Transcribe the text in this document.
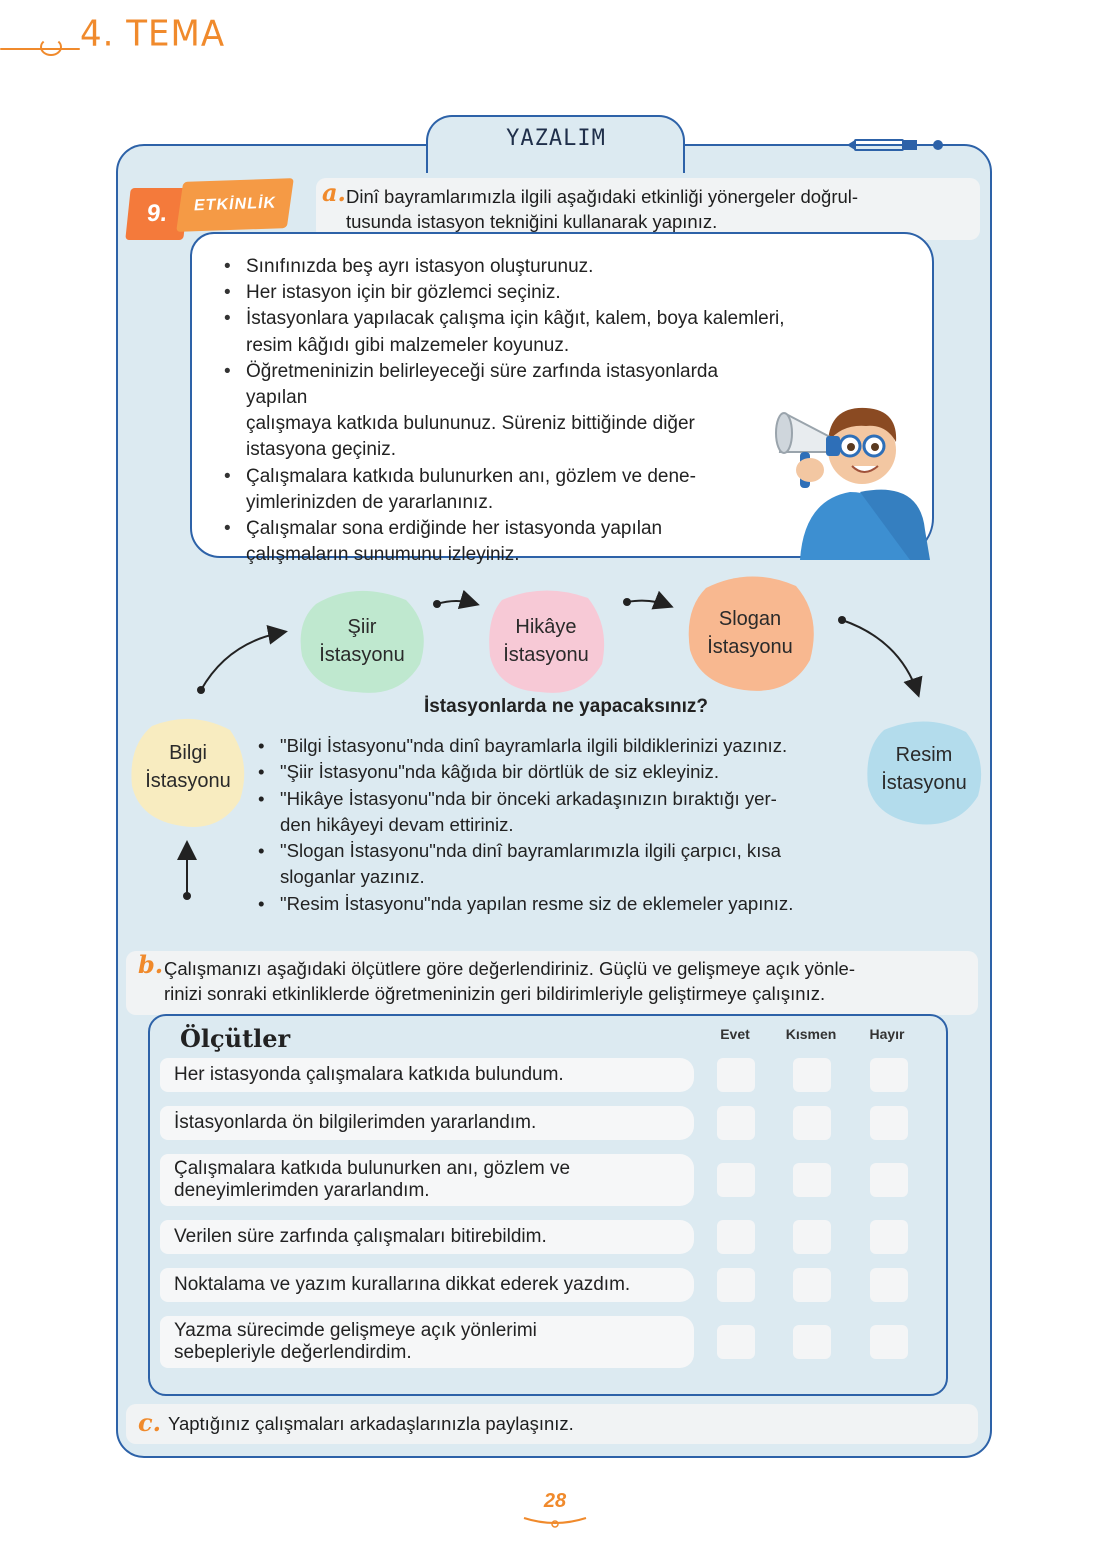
4. TEMA
YAZALIM
9.	ETKİNLİK	a. Dinî bayramlarımızla ilgili aşağıdaki etkinliği yönergeler doğrul-
tusunda istasyon tekniğini kullanarak yapınız.
• Sınıfınızda beş ayrı istasyon oluşturunuz.
• Her istasyon için bir gözlemci seçiniz.
• İstasyonlara yapılacak çalışma için kâğıt, kalem, boya kalemleri,
resim kâğıdı gibi malzemeler koyunuz.
• Öğretmeninizin belirleyeceği süre zarfında istasyonlarda yapılan
çalışmaya katkıda bulununuz. Süreniz bittiğinde diğer
istasyona geçiniz.
• Çalışmalara katkıda bulunurken anı, gözlem ve dene-
yimlerinizden de yararlanınız.
• Çalışmalar sona erdiğinde her istasyonda yapılan
çalışmaların sunumunu izleyiniz.
Şiir
İstasyonu
Hikâye
İstasyonu
Slogan
İstasyonu
Bilgi
İstasyonu
Resim
İstasyonu
İstasyonlarda ne yapacaksınız?
• "Bilgi İstasyonu"nda dinî bayramlarla ilgili bildiklerinizi yazınız.
• "Şiir İstasyonu"nda kâğıda bir dörtlük de siz ekleyiniz.
• "Hikâye İstasyonu"nda bir önceki arkadaşınızın bıraktığı yer-
den hikâyeyi devam ettiriniz.
• "Slogan İstasyonu"nda dinî bayramlarımızla ilgili çarpıcı, kısa
sloganlar yazınız.
• "Resim İstasyonu"nda yapılan resme siz de eklemeler yapınız.
b. Çalışmanızı aşağıdaki ölçütlere göre değerlendiriniz. Güçlü ve gelişmeye açık yönle-
rinizi sonraki etkinliklerde öğretmeninizin geri bildirimleriyle geliştirmeye çalışınız.
Ölçütler	Evet	Kısmen	Hayır
Her istasyonda çalışmalara katkıda bulundum.
İstasyonlarda ön bilgilerimden yararlandım.
Çalışmalara katkıda bulunurken anı, gözlem ve
deneyimlerimden yararlandım.
Verilen süre zarfında çalışmaları bitirebildim.
Noktalama ve yazım kurallarına dikkat ederek yazdım.
Yazma sürecimde gelişmeye açık yönlerimi
sebepleriyle değerlendirdim.
c. Yaptığınız çalışmaları arkadaşlarınızla paylaşınız.
28
